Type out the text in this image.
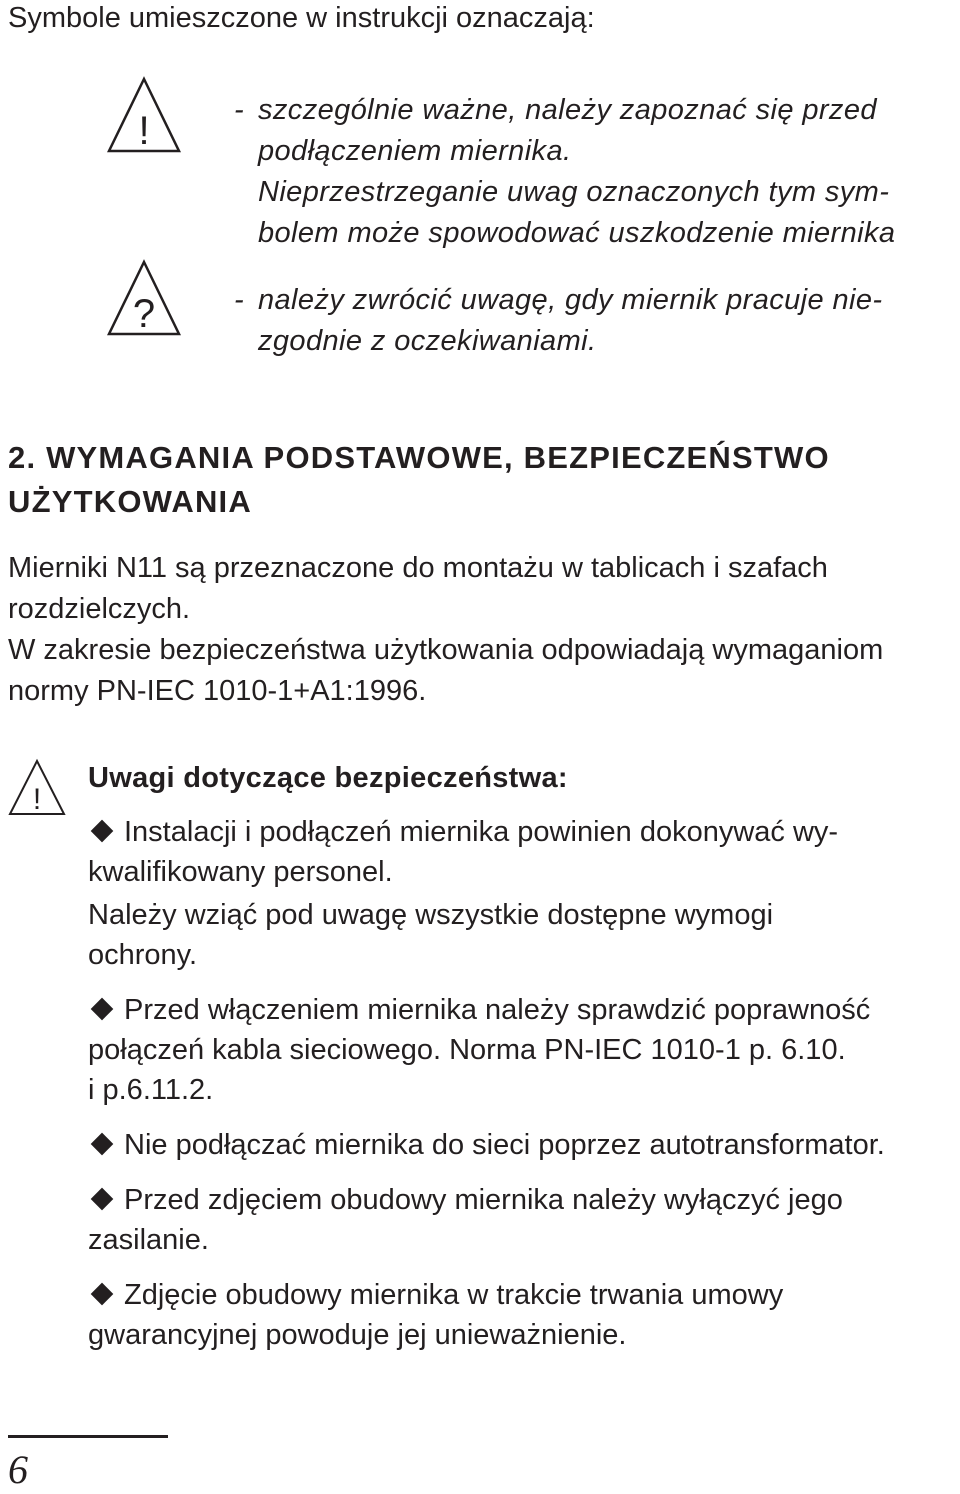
Symbole umieszczone w instrukcji oznaczają:
!	- szczególnie ważne, należy zapoznać się przed
podłączeniem miernika.
Nieprzestrzeganie uwag oznaczonych tym sym-
bolem może spowodować uszkodzenie miernika
?	- należy zwrócić uwagę, gdy miernik pracuje nie-
zgodnie z oczekiwaniami.
2. WYMAGANIA PODSTAWOWE, BEZPIECZEŃSTWO
UŻYTKOWANIA
Mierniki N11 są przeznaczone do montażu w tablicach i szafach
rozdzielczych.
W zakresie bezpieczeństwa użytkowania odpowiadają wymaganiom
normy PN-IEC 1010-1+A1:1996.
!
Uwagi dotyczące bezpieczeństwa:
Instalacji i podłączeń miernika powinien dokonywać wy-
kwalifikowany personel.
Należy wziąć pod uwagę wszystkie dostępne wymogi
ochrony.
Przed włączeniem miernika należy sprawdzić poprawność
połączeń kabla sieciowego. Norma PN-IEC 1010-1 p. 6.10.
i p.6.11.2.
Nie podłączać miernika do sieci poprzez autotransformator.
Przed zdjęciem obudowy miernika należy wyłączyć jego
zasilanie.
Zdjęcie obudowy miernika w trakcie trwania umowy
gwarancyjnej powoduje jej unieważnienie.
6
